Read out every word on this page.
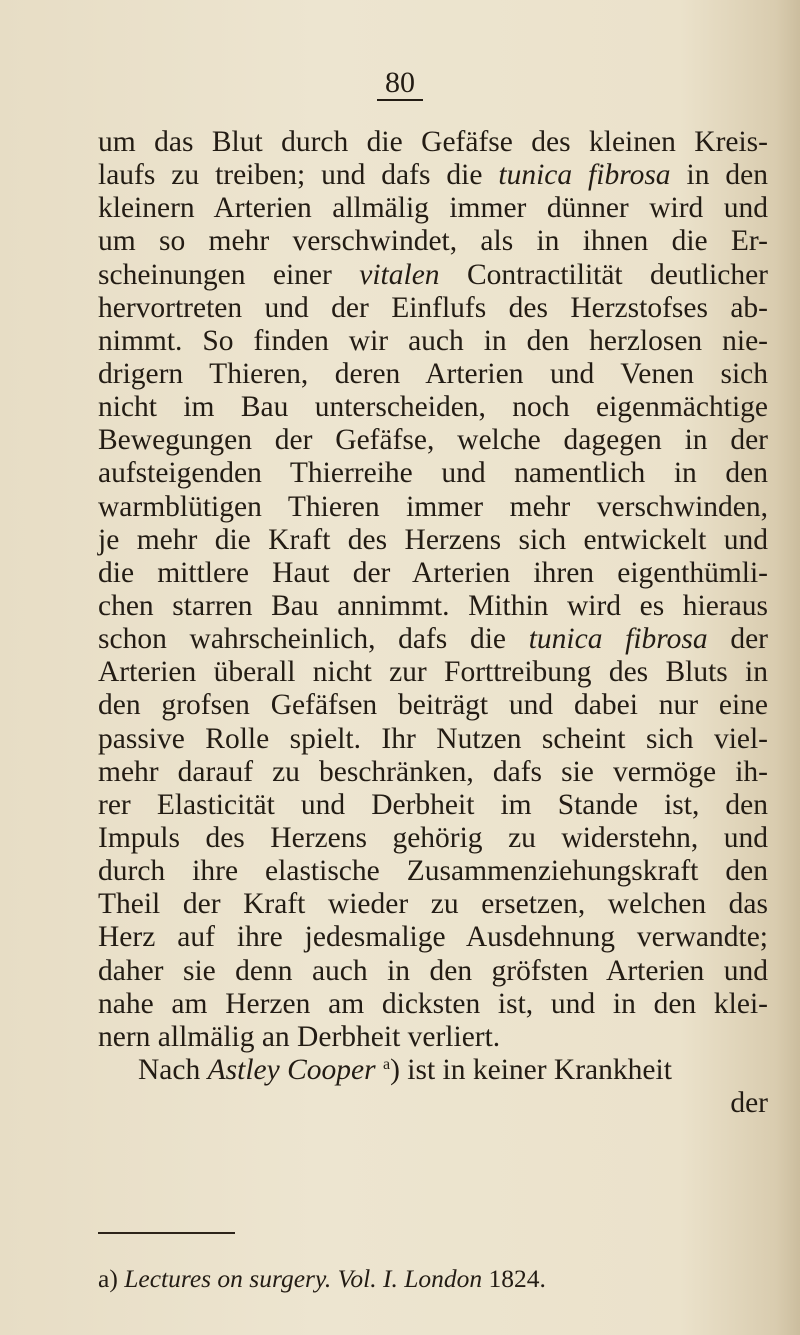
80
um das Blut durch die Gefäfse des kleinen Kreis-
laufs zu treiben; und dafs die tunica fibrosa in den
kleinern Arterien allmälig immer dünner wird und
um so mehr verschwindet, als in ihnen die Er-
scheinungen einer vitalen Contractilität deutlicher
hervortreten und der Einflufs des Herzstofses ab-
nimmt. So finden wir auch in den herzlosen nie-
drigern Thieren, deren Arterien und Venen sich
nicht im Bau unterscheiden, noch eigenmächtige
Bewegungen der Gefäfse, welche dagegen in der
aufsteigenden Thierreihe und namentlich in den
warmblütigen Thieren immer mehr verschwinden,
je mehr die Kraft des Herzens sich entwickelt und
die mittlere Haut der Arterien ihren eigenthümli-
chen starren Bau annimmt. Mithin wird es hieraus
schon wahrscheinlich, dafs die tunica fibrosa der
Arterien überall nicht zur Forttreibung des Bluts in
den grofsen Gefäfsen beiträgt und dabei nur eine
passive Rolle spielt. Ihr Nutzen scheint sich viel-
mehr darauf zu beschränken, dafs sie vermöge ih-
rer Elasticität und Derbheit im Stande ist, den
Impuls des Herzens gehörig zu widerstehn, und
durch ihre elastische Zusammenziehungskraft den
Theil der Kraft wieder zu ersetzen, welchen das
Herz auf ihre jedesmalige Ausdehnung verwandte;
daher sie denn auch in den gröfsten Arterien und
nahe am Herzen am dicksten ist, und in den klei-
nern allmälig an Derbheit verliert.
Nach Astley Cooper $^a$) ist in keiner Krankheit
der
a) Lectures on surgery. Vol. I. London 1824.
